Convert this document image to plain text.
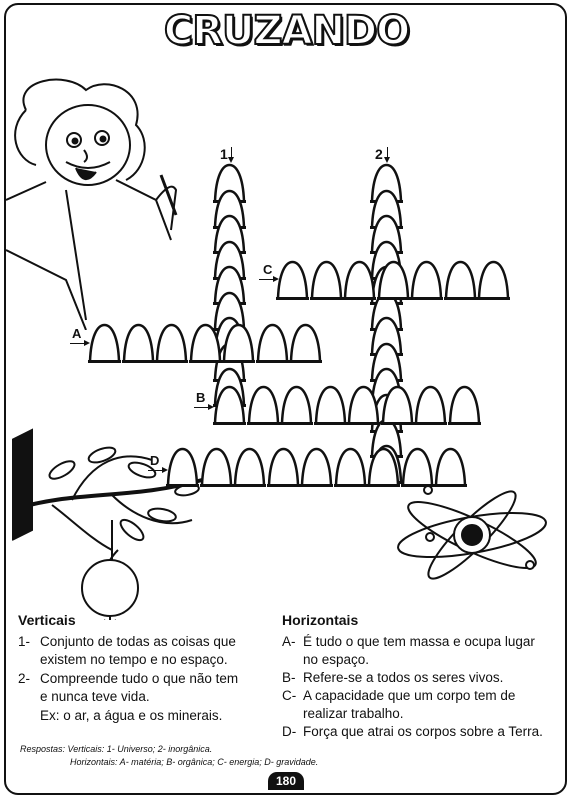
CRUZANDO
1	2
A
B
C
D
Verticais	Horizontais
1- Conjunto de todas as coisas que
existem no tempo e no espaço.
2- Compreende tudo o que não tem
e nunca teve vida.
Ex: o ar, a água e os minerais.
A- É tudo o que tem massa e ocupa lugar
no espaço.
B- Refere-se a todos os seres vivos.
C- A capacidade que um corpo tem de
realizar trabalho.
D- Força que atrai os corpos sobre a Terra.
Respostas: Verticais: 1- Universo; 2- inorgânica.
Horizontais: A- matéria; B- orgânica; C- energia; D- gravidade.
180
